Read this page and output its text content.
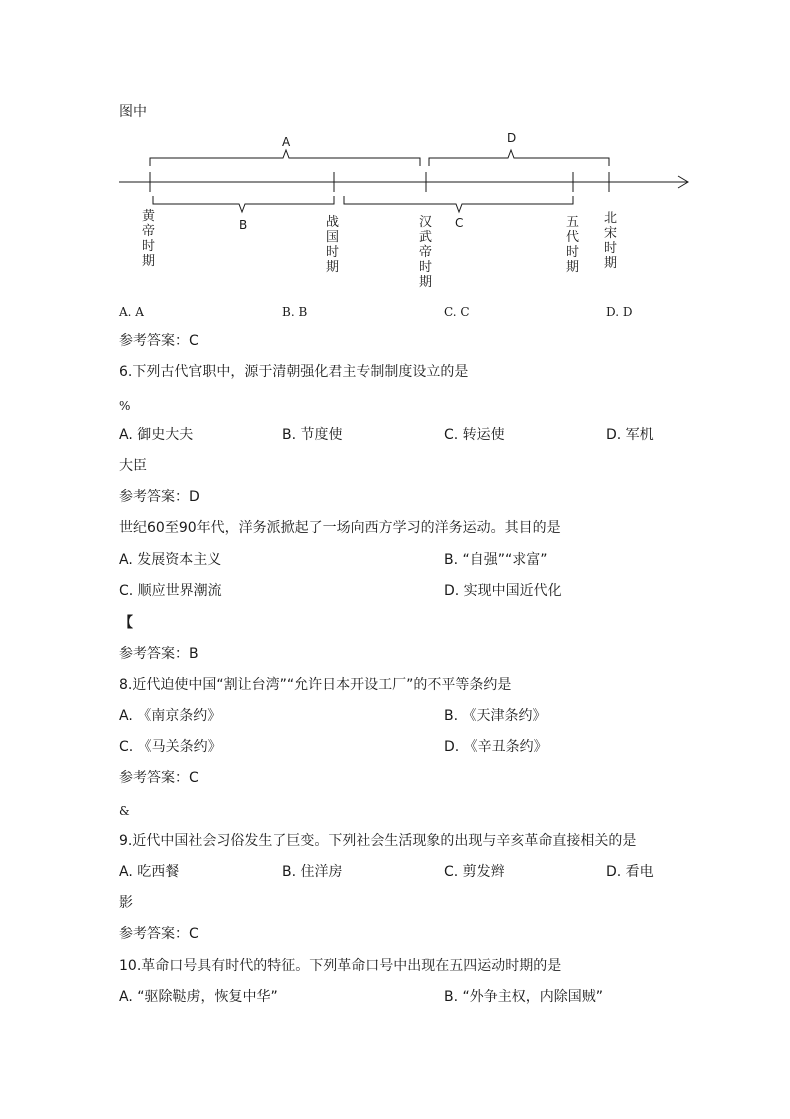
图中
A	D
B	C
黄
帝
时
期
战
国
时
期
汉
武
帝
时
期
五
代
时
期
北
宋
时
期
A. A	B. B	C. C	D. D
参考答案：C
6.下列古代官职中，源于清朝强化君主专制制度设立的是
%
A. 御史大夫	B. 节度使	C. 转运使	D. 军机
大臣
参考答案：D
世纪60至90年代，洋务派掀起了一场向西方学习的洋务运动。其目的是
A. 发展资本主义	B. “自强”“求富”
C. 顺应世界潮流	D. 实现中国近代化
【
参考答案：B
8.近代迫使中国“割让台湾”“允许日本开设工厂”的不平等条约是
A. 《南京条约》	B. 《天津条约》
C. 《马关条约》	D. 《辛丑条约》
参考答案：C
&
9.近代中国社会习俗发生了巨变。下列社会生活现象的出现与辛亥革命直接相关的是
A. 吃西餐	B. 住洋房	C. 剪发辫	D. 看电
影
参考答案：C
10.革命口号具有时代的特征。下列革命口号中出现在五四运动时期的是
A. “驱除鞑虏，恢复中华”	B. “外争主权，内除国贼”
